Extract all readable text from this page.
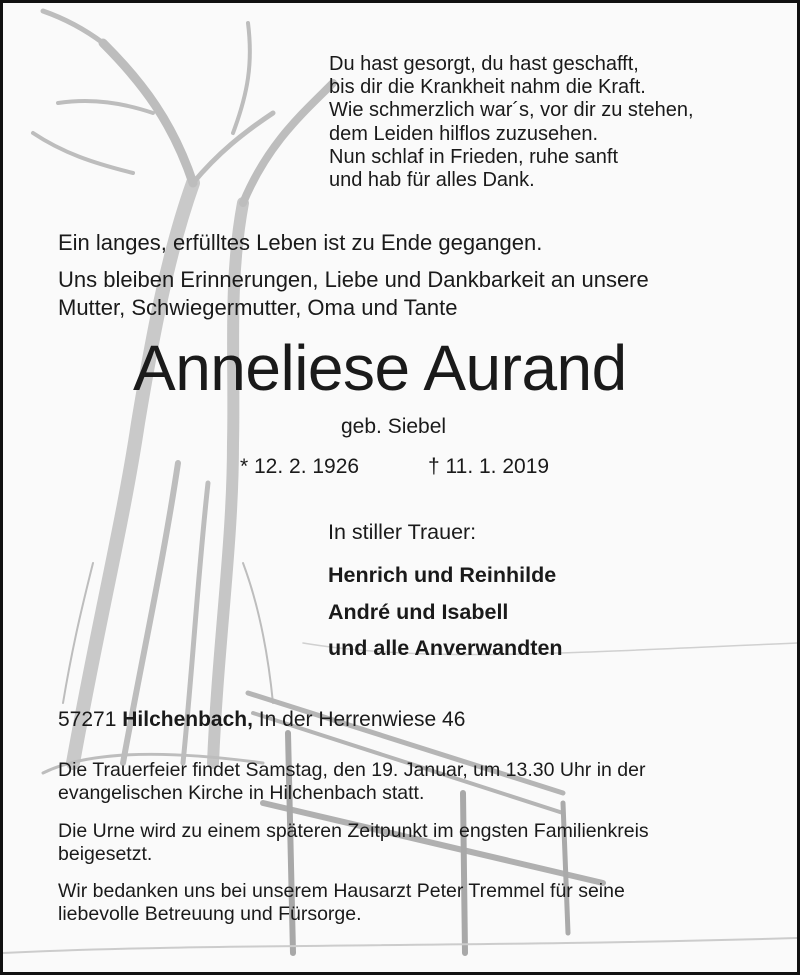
Du hast gesorgt, du hast geschafft,
bis dir die Krankheit nahm die Kraft.
Wie schmerzlich war´s, vor dir zu stehen,
dem Leiden hilflos zuzusehen.
Nun schlaf in Frieden, ruhe sanft
und hab für alles Dank.
Ein langes, erfülltes Leben ist zu Ende gegangen.
Uns bleiben Erinnerungen, Liebe und Dankbarkeit an unsere
Mutter, Schwiegermutter, Oma und Tante
Anneliese Aurand
geb. Siebel
* 12. 2. 1926	† 11. 1. 2019
In stiller Trauer:
Henrich und Reinhilde
André und Isabell
und alle Anverwandten
57271 Hilchenbach, In der Herrenwiese 46
Die Trauerfeier findet Samstag, den 19. Januar, um 13.30 Uhr in der
evangelischen Kirche in Hilchenbach statt.
Die Urne wird zu einem späteren Zeitpunkt im engsten Familienkreis
beigesetzt.
Wir bedanken uns bei unserem Hausarzt Peter Tremmel für seine
liebevolle Betreuung und Fürsorge.
